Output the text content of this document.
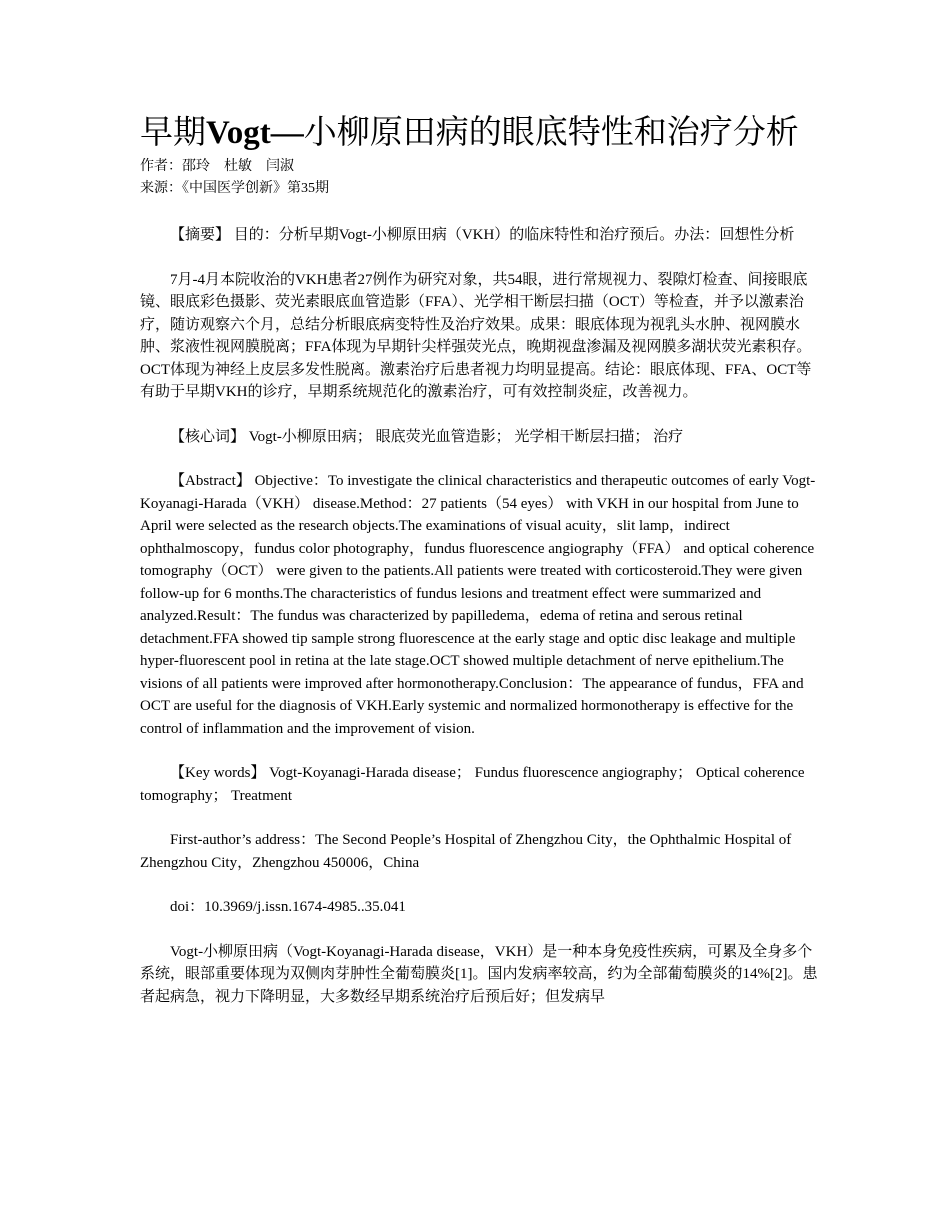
早期Vogt—小柳原田病的眼底特性和治疗分析
作者：邵玲　杜敏　闫淑
来源：《中国医学创新》第35期

【摘要】 目的：分析早期Vogt-小柳原田病（VKH）的临床特性和治疗预后。办法：回想性分析

7月-4月本院收治的VKH患者27例作为研究对象，共54眼，进行常规视力、裂隙灯检查、间接眼底镜、眼底彩色摄影、荧光素眼底血管造影（FFA）、光学相干断层扫描（OCT）等检查，并予以激素治疗，随访观察六个月，总结分析眼底病变特性及治疗效果。成果：眼底体现为视乳头水肿、视网膜水肿、浆液性视网膜脱离；FFA体现为早期针尖样强荧光点，晚期视盘渗漏及视网膜多湖状荧光素积存。OCT体现为神经上皮层多发性脱离。激素治疗后患者视力均明显提高。结论：眼底体现、FFA、OCT等有助于早期VKH的诊疗，早期系统规范化的激素治疗，可有效控制炎症，改善视力。

【核心词】 Vogt-小柳原田病； 眼底荧光血管造影； 光学相干断层扫描； 治疗

【Abstract】 Objective：To investigate the clinical characteristics and therapeutic outcomes of early Vogt-Koyanagi-Harada（VKH） disease.Method：27 patients（54 eyes） with VKH in our hospital from June to April were selected as the research objects.The examinations of visual acuity，slit lamp，indirect ophthalmoscopy，fundus color photography，fundus fluorescence angiography（FFA） and optical coherence tomography（OCT） were given to the patients.All patients were treated with corticosteroid.They were given follow-up for 6 months.The characteristics of fundus lesions and treatment effect were summarized and analyzed.Result：The fundus was characterized by papilledema，edema of retina and serous retinal detachment.FFA showed tip sample strong fluorescence at the early stage and optic disc leakage and multiple hyper-fluorescent pool in retina at the late stage.OCT showed multiple detachment of nerve epithelium.The visions of all patients were improved after hormonotherapy.Conclusion：The appearance of fundus，FFA and OCT are useful for the diagnosis of VKH.Early systemic and normalized hormonotherapy is effective for the control of inflammation and the improvement of vision.

【Key words】 Vogt-Koyanagi-Harada disease； Fundus fluorescence angiography； Optical coherence tomography； Treatment

First-author’s address：The Second People’s Hospital of Zhengzhou City，the Ophthalmic Hospital of Zhengzhou City，Zhengzhou 450006，China

doi：10.3969/j.issn.1674-4985..35.041

Vogt-小柳原田病（Vogt-Koyanagi-Harada disease，VKH）是一种本身免疫性疾病，可累及全身多个系统，眼部重要体现为双侧肉芽肿性全葡萄膜炎[1]。国内发病率较高，约为全部葡萄膜炎的14%[2]。患者起病急，视力下降明显，大多数经早期系统治疗后预后好；但发病早
